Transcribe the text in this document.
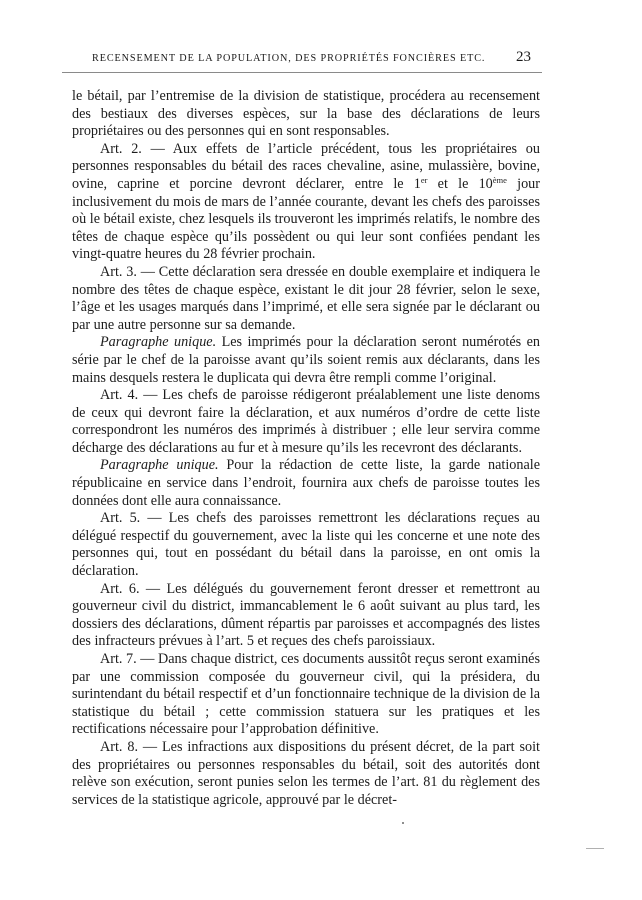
RECENSEMENT DE LA POPULATION, DES PROPRIÉTÉS FONCIÈRES ETC.	23

le bétail, par l’entremise de la division de statistique, procédera au recensement des bestiaux des diverses espèces, sur la base des déclarations de leurs propriétaires ou des personnes qui en sont responsables.

Art. 2. — Aux effets de l’article précédent, tous les propriétaires ou personnes responsables du bétail des races chevaline, asine, mulassière, bovine, ovine, caprine et porcine devront déclarer, entre le 1er et le 10ème jour inclusivement du mois de mars de l’année courante, devant les chefs des paroisses où le bétail existe, chez lesquels ils trouveront les imprimés relatifs, le nombre des têtes de chaque espèce qu’ils possèdent ou qui leur sont confiées pendant les vingt-quatre heures du 28 février prochain.

Art. 3. — Cette déclaration sera dressée en double exemplaire et indiquera le nombre des têtes de chaque espèce, existant le dit jour 28 février, selon le sexe, l’âge et les usages marqués dans l’imprimé, et elle sera signée par le déclarant ou par une autre personne sur sa demande.

Paragraphe unique. Les imprimés pour la déclaration seront numérotés en série par le chef de la paroisse avant qu’ils soient remis aux déclarants, dans les mains desquels restera le duplicata qui devra être rempli comme l’original.

Art. 4. — Les chefs de paroisse rédigeront préalablement une liste denoms de ceux qui devront faire la déclaration, et aux numéros d’ordre de cette liste correspondront les numéros des imprimés à distribuer ; elle leur servira comme décharge des déclarations au fur et à mesure qu’ils les recevront des déclarants.

Paragraphe unique. Pour la rédaction de cette liste, la garde nationale républicaine en service dans l’endroit, fournira aux chefs de paroisse toutes les données dont elle aura connaissance.

Art. 5. — Les chefs des paroisses remettront les déclarations reçues au délégué respectif du gouvernement, avec la liste qui les concerne et une note des personnes qui, tout en possédant du bétail dans la paroisse, en ont omis la déclaration.

Art. 6. — Les délégués du gouvernement feront dresser et remettront au gouverneur civil du district, immancablement le 6 août suivant au plus tard, les dossiers des déclarations, dûment répartis par paroisses et accompagnés des listes des infracteurs prévues à l’art. 5 et reçues des chefs paroissiaux.

Art. 7. — Dans chaque district, ces documents aussitôt reçus seront examinés par une commission composée du gouverneur civil, qui la présidera, du surintendant du bétail respectif et d’un fonctionnaire technique de la division de la statistique du bétail ; cette commission statuera sur les pratiques et les rectifications nécessaire pour l’approbation définitive.

Art. 8. — Les infractions aux dispositions du présent décret, de la part soit des propriétaires ou personnes responsables du bétail, soit des autorités dont relève son exécution, seront punies selon les termes de l’art. 81 du règlement des services de la statistique agricole, approuvé par le décret-
